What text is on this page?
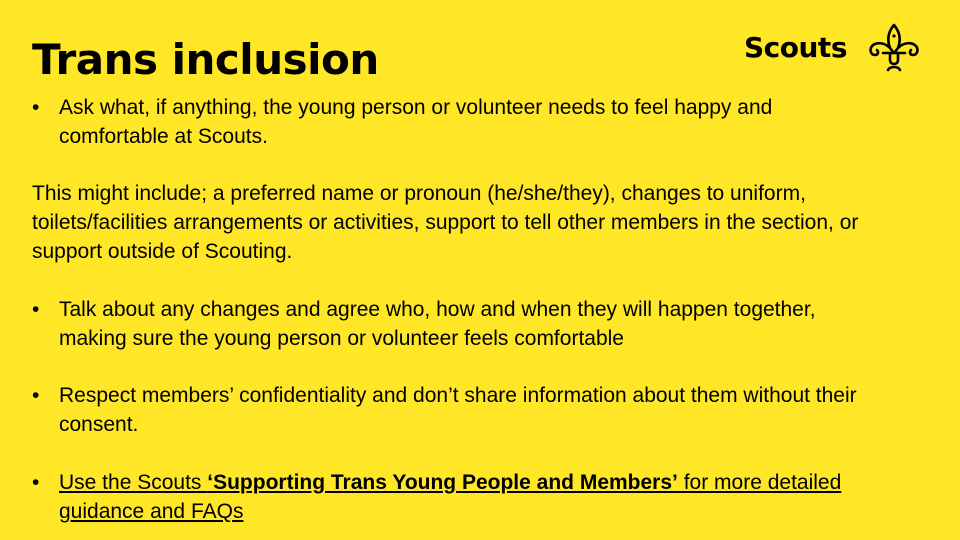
Trans inclusion	Scouts
• Ask what, if anything, the young person or volunteer needs to feel happy and comfortable at Scouts.

This might include; a preferred name or pronoun (he/she/they), changes to uniform, toilets/facilities arrangements or activities, support to tell other members in the section, or support outside of Scouting.

• Talk about any changes and agree who, how and when they will happen together, making sure the young person or volunteer feels comfortable
• Respect members’ confidentiality and don’t share information about them without their consent.
• Use the Scouts ‘Supporting Trans Young People and Members’ for more detailed guidance and FAQs
